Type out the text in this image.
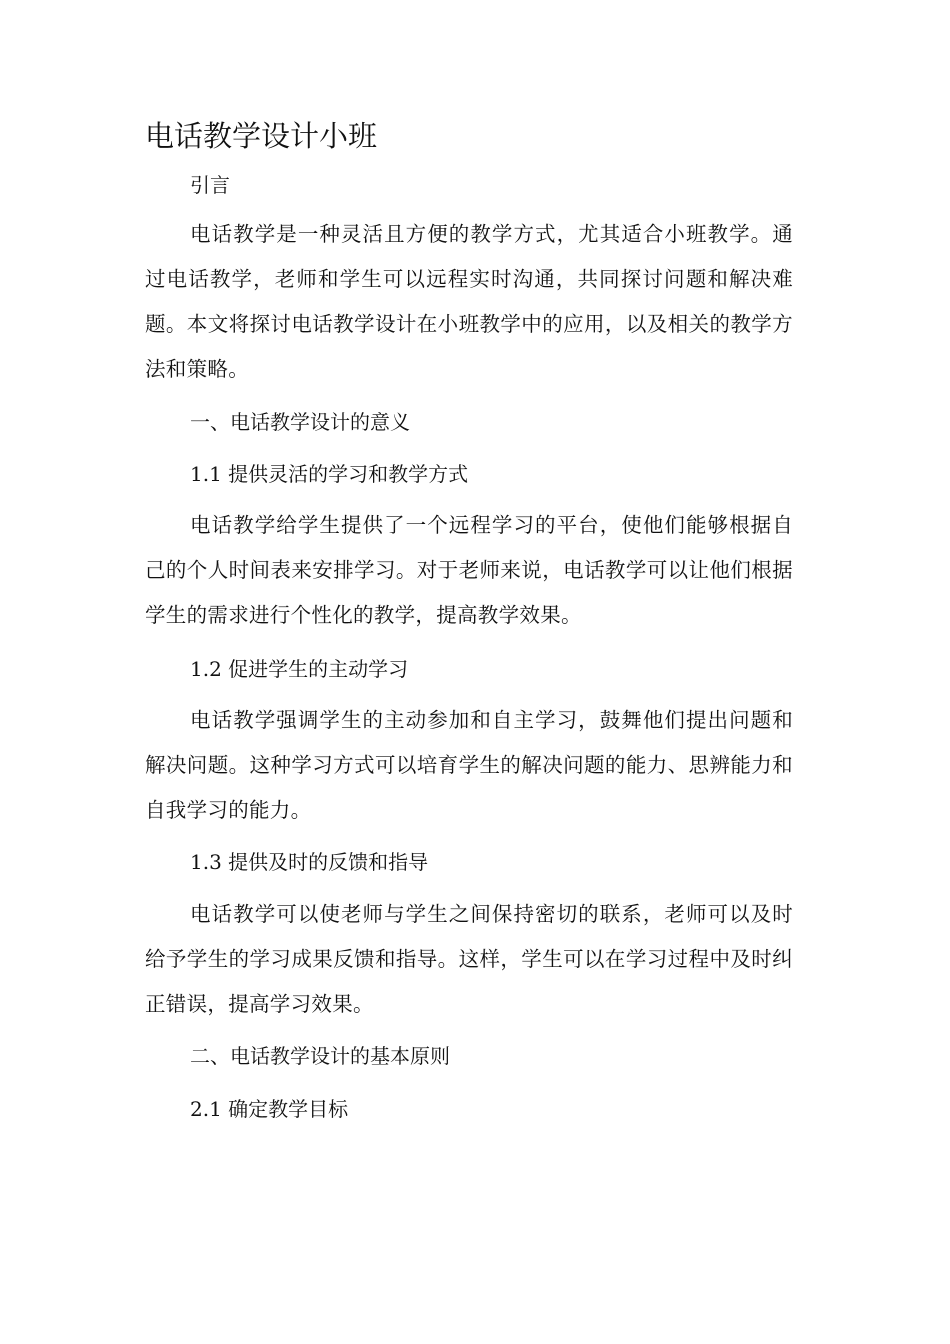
电话教学设计小班
引言
电话教学是一种灵活且方便的教学方式，尤其适合小班教学。通过电话教学，老师和学生可以远程实时沟通，共同探讨问题和解决难题。本文将探讨电话教学设计在小班教学中的应用，以及相关的教学方法和策略。
一、电话教学设计的意义
1.1 提供灵活的学习和教学方式
电话教学给学生提供了一个远程学习的平台，使他们能够根据自己的个人时间表来安排学习。对于老师来说，电话教学可以让他们根据学生的需求进行个性化的教学，提高教学效果。
1.2 促进学生的主动学习
电话教学强调学生的主动参加和自主学习，鼓舞他们提出问题和解决问题。这种学习方式可以培育学生的解决问题的能力、思辨能力和自我学习的能力。
1.3 提供及时的反馈和指导
电话教学可以使老师与学生之间保持密切的联系，老师可以及时给予学生的学习成果反馈和指导。这样，学生可以在学习过程中及时纠正错误，提高学习效果。
二、电话教学设计的基本原则
2.1 确定教学目标
